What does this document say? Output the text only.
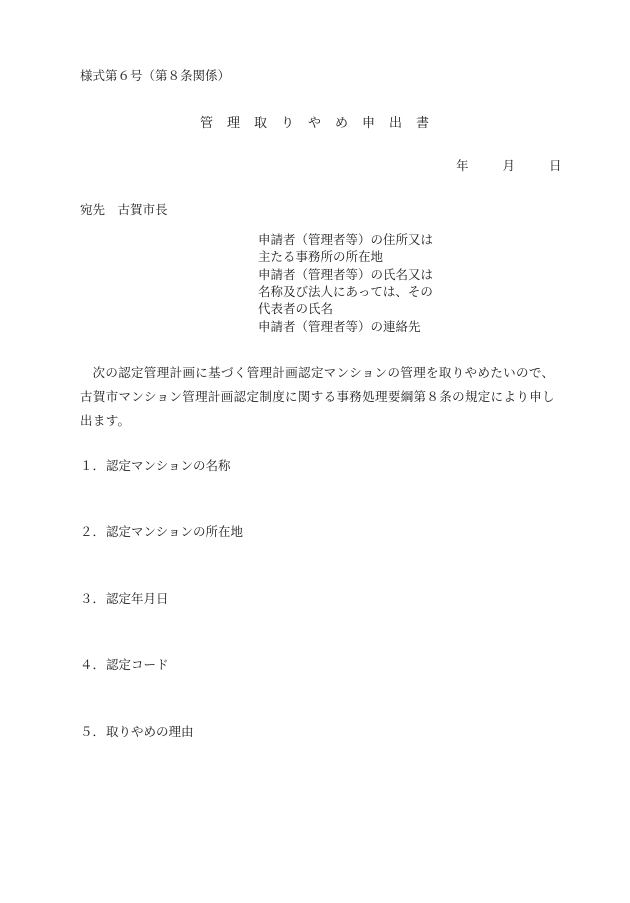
様式第６号（第８条関係）
管理取りやめ申出書
年	月	日
宛先　古賀市長
申請者（管理者等）の住所又は
主たる事務所の所在地
申請者（管理者等）の氏名又は
名称及び法人にあっては、その
代表者の氏名
申請者（管理者等）の連絡先
次の認定管理計画に基づく管理計画認定マンションの管理を取りやめたいので、古賀市マンション管理計画認定制度に関する事務処理要綱第８条の規定により申し出ます。
１．認定マンションの名称
２．認定マンションの所在地
３．認定年月日
４．認定コード
５．取りやめの理由
